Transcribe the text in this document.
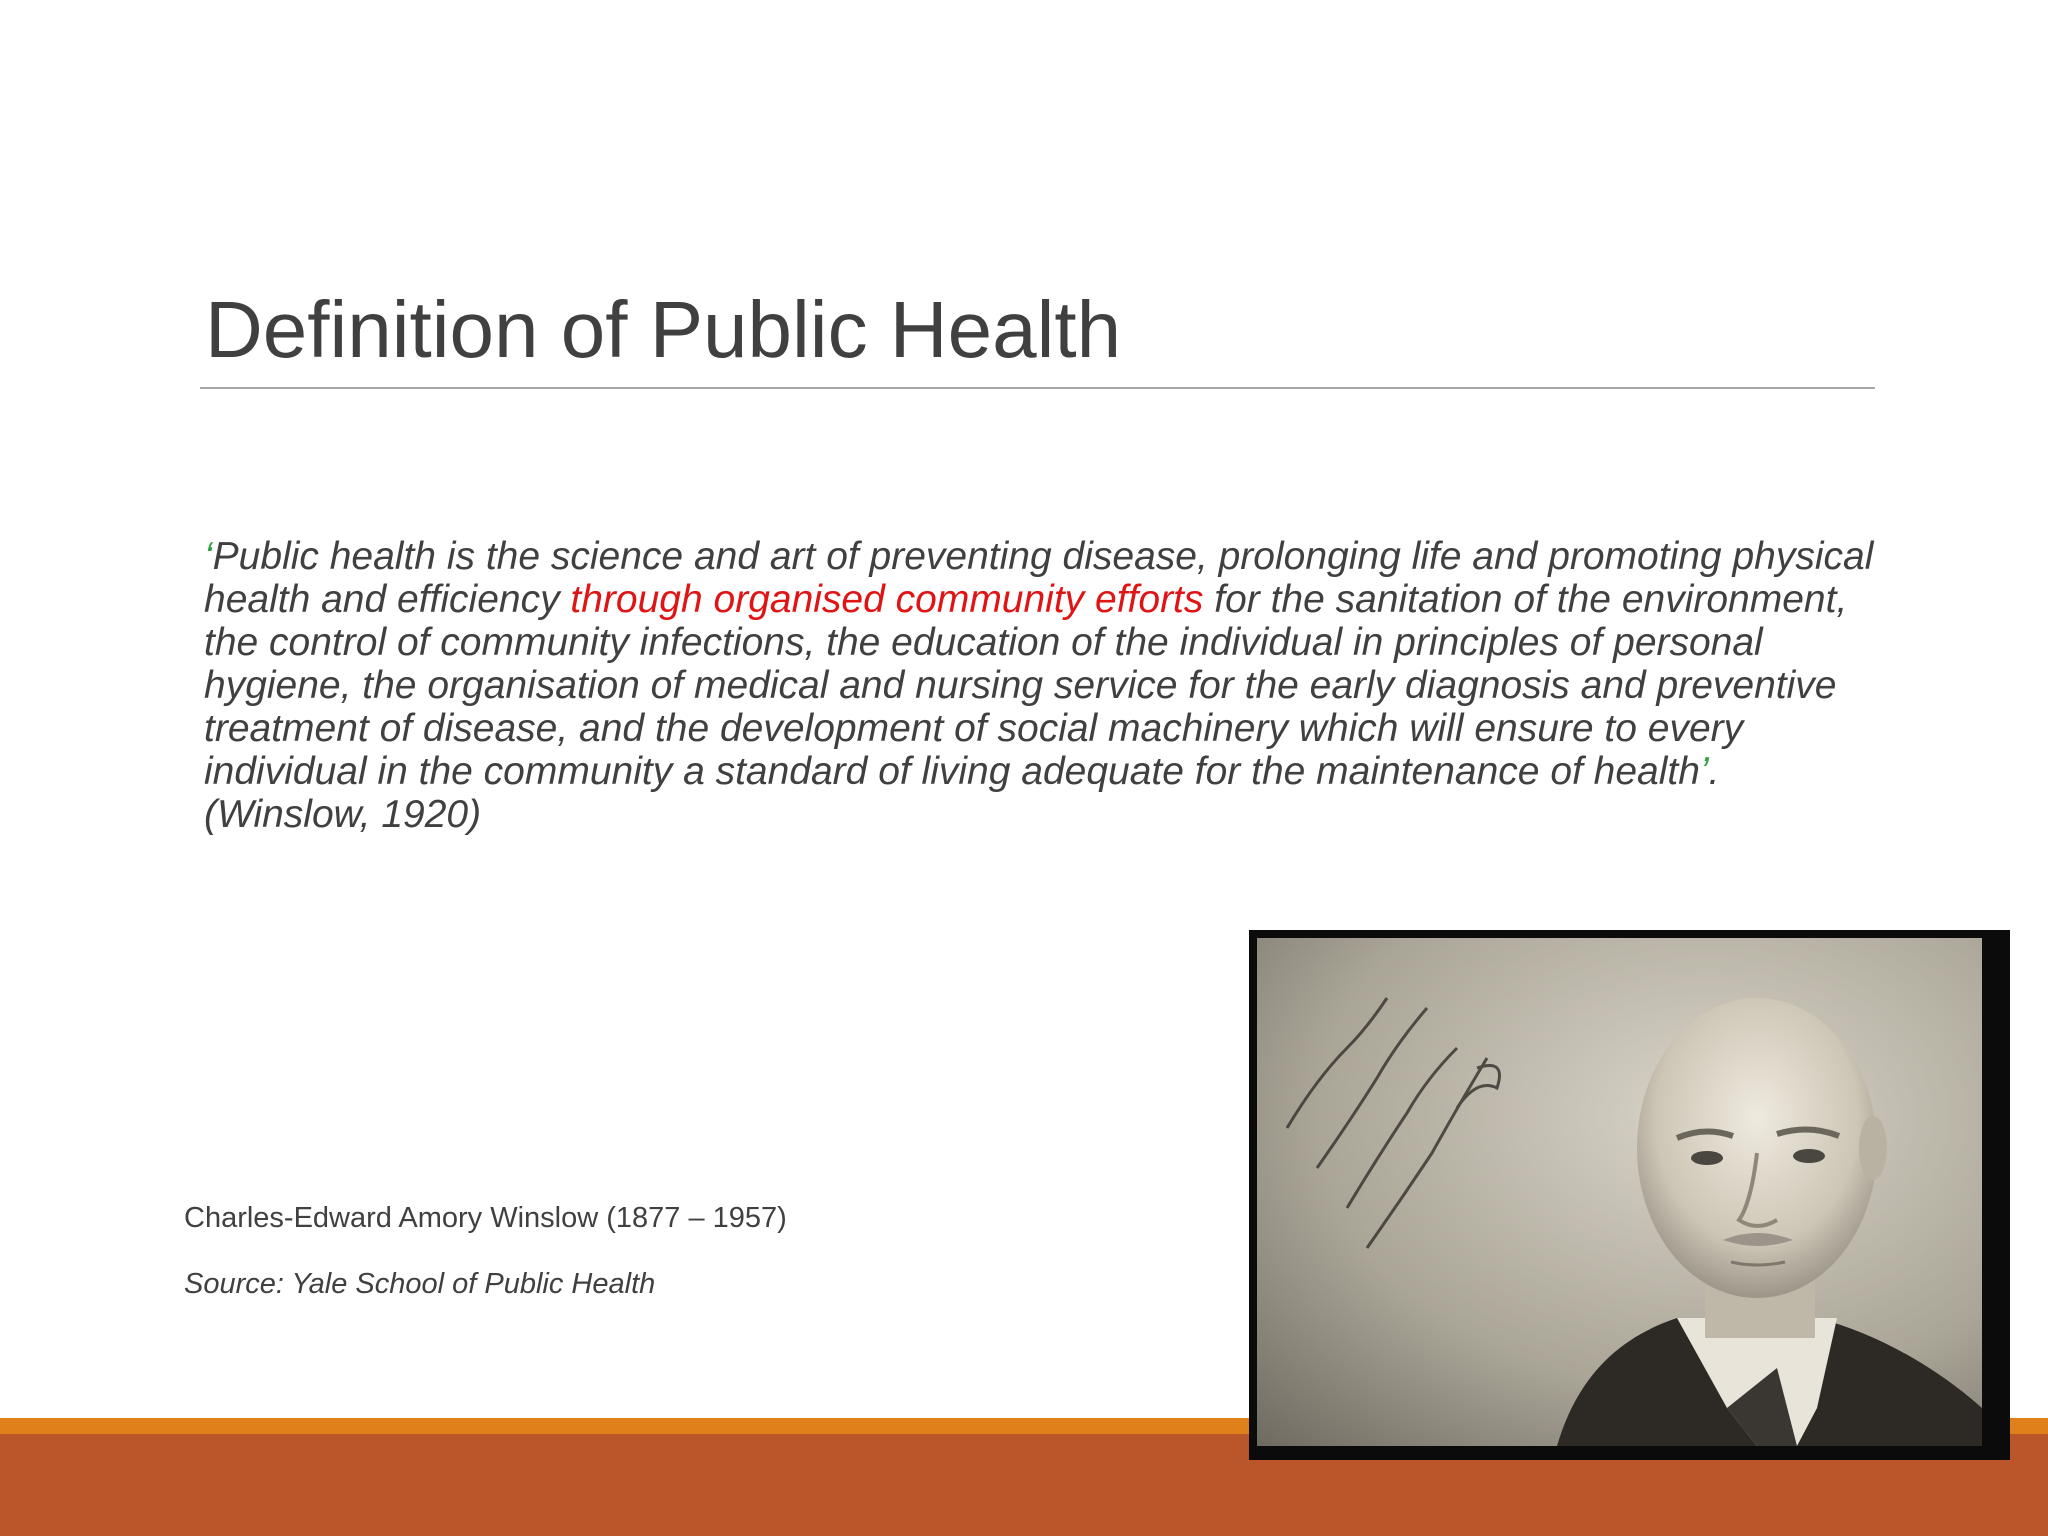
Definition of Public Health
‘Public health is the science and art of preventing disease, prolonging life and promoting physical health and efficiency through organised community efforts for the sanitation of the environment, the control of community infections, the education of the individual in principles of personal hygiene, the organisation of medical and nursing service for the early diagnosis and preventive treatment of disease, and the development of social machinery which will ensure to every individual in the community a standard of living adequate for the maintenance of health’. (Winslow, 1920)
Charles-Edward Amory Winslow (1877 – 1957)
Source: Yale School of Public Health
